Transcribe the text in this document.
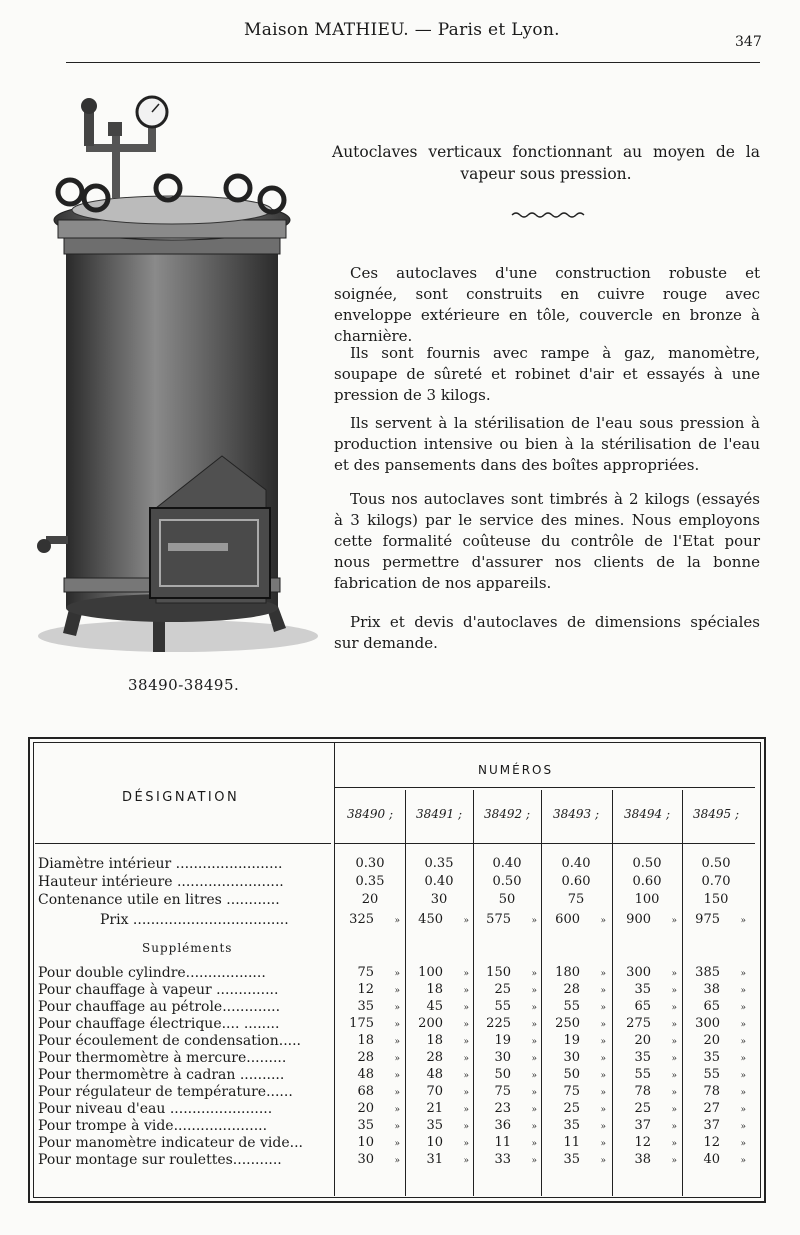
Maison MATHIEU. — Paris et Lyon.
347
38490-38495.
Autoclaves verticaux fonctionnant au moyen de la
vapeur sous pression.

Ces autoclaves d'une construction robuste et soignée, sont construits en cuivre rouge avec enveloppe extérieure en tôle, couvercle en bronze à charnière.

Ils sont fournis avec rampe à gaz, manomètre, soupape de sûreté et robinet d'air et essayés à une pression de 3 kilogs.

Ils servent à la stérilisation de l'eau sous pression à production intensive ou bien à la stérilisation de l'eau et des pansements dans des boîtes appropriées.

Tous nos autoclaves sont timbrés à 2 kilogs (essayés à 3 kilogs) par le service des mines. Nous employons cette formalité coûteuse du contrôle de l'Etat pour nous permettre d'assurer nos clients de la bonne fabrication de nos appareils.

Prix et devis d'autoclaves de dimensions spéciales sur demande.

NUMÉROS
DÉSIGNATION
38490 ;	38491 ;	38492 ;	38493 ;	38494 ;	38495 ;
Diamètre intérieur ........................	0.30	0.35	0.40	0.40	0.50	0.50
Hauteur intérieure ........................	0.35	0.40	0.50	0.60	0.60	0.70
Contenance utile en litres ............	20	30	50	75	100	150
Prix ...................................	325 » 450 » 575 » 600 » 900 » 975 »
Pour double cylindre..................	75 » 100 » 150 » 180 » 300 » 385 »
Pour chauffage à vapeur ..............	12 » 18 » 25 » 28 » 35 » 38 »
Pour chauffage au pétrole.............	35 » 45 » 55 » 55 » 65 » 65 »
Pour chauffage électrique.... ........	175 » 200 » 225 » 250 » 275 » 300 »
Pour écoulement de condensation.....	18 » 18 » 19 » 19 » 20 » 20 »
Pour thermomètre à mercure.........	28 » 28 » 30 » 30 » 35 » 35 »
Pour thermomètre à cadran ..........	48 » 48 » 50 » 50 » 55 » 55 »
Pour régulateur de température......	68 » 70 » 75 » 75 » 78 » 78 »
Pour niveau d'eau .......................	20 » 21 » 23 » 25 » 25 » 27 »
Pour trompe à vide.....................	35 » 35 » 36 » 35 » 37 » 37 »
Pour manomètre indicateur de vide...	10 » 10 » 11 » 11 » 12 » 12 »
Pour montage sur roulettes...........	30 » 31 » 33 » 35 » 38 » 40 »
Suppléments
